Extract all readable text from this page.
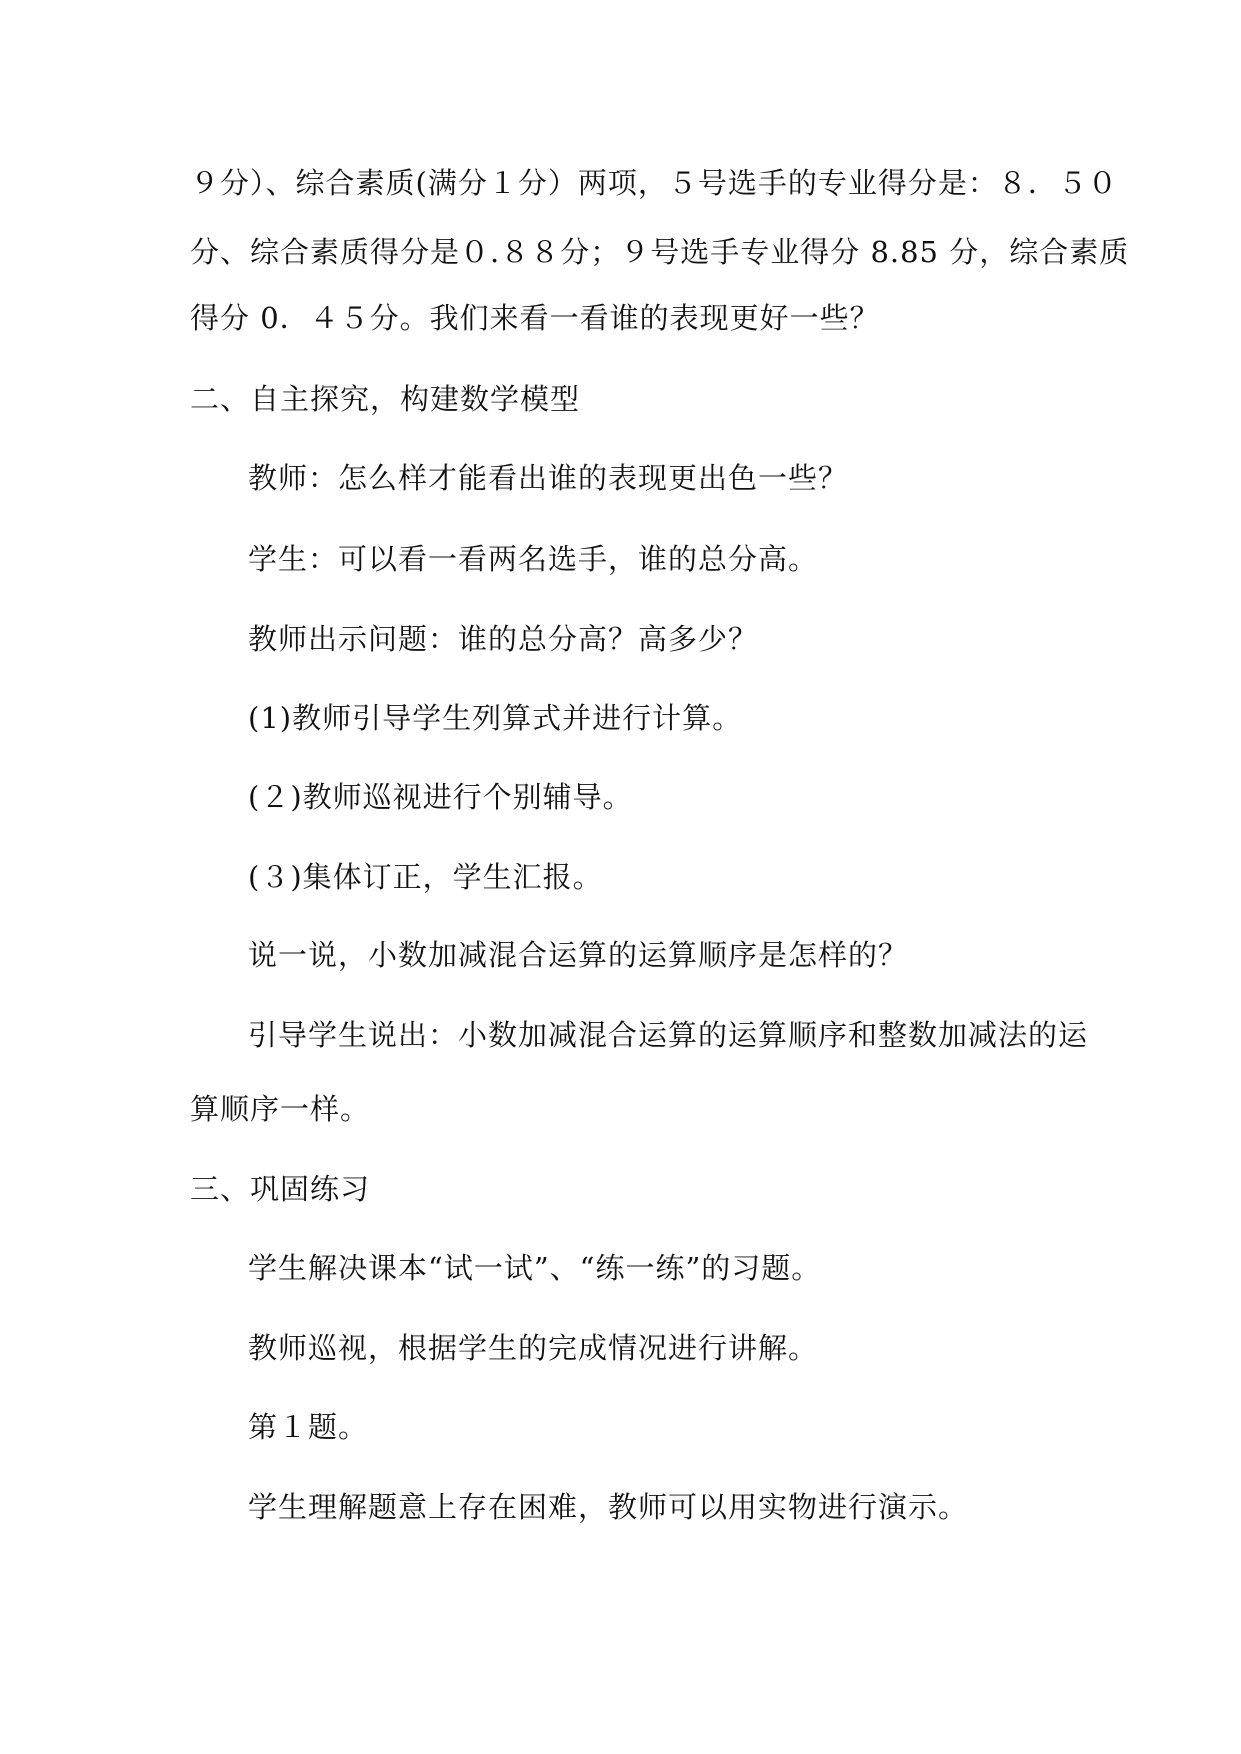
９分）、综合素质(满分１分）两项，５号选手的专业得分是：８．５０
分、综合素质得分是０.８８分；９号选手专业得分 8.85 分，综合素质
得分 0．４５分。我们来看一看谁的表现更好一些？
二、自主探究，构建数学模型
教师：怎么样才能看出谁的表现更出色一些？
学生：可以看一看两名选手，谁的总分高。
教师出示问题：谁的总分高？高多少？
(1)教师引导学生列算式并进行计算。
(２)教师巡视进行个别辅导。
(３)集体订正，学生汇报。
说一说，小数加减混合运算的运算顺序是怎样的？
引导学生说出：小数加减混合运算的运算顺序和整数加减法的运
算顺序一样。
三、巩固练习
学生解决课本“试一试”、“练一练”的习题。
教师巡视，根据学生的完成情况进行讲解。
第１题。
学生理解题意上存在困难，教师可以用实物进行演示。
